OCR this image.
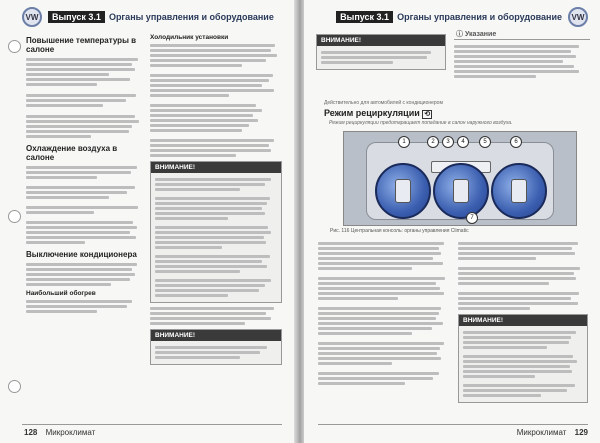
VW	Выпуск 3.1 Органы управления и оборудование
Повышение температуры в салоне
Охлаждение воздуха в салоне
Выключение кондиционера
Наибольший обогрев
Холодильник установки
ВНИМАНИЕ!
ВНИМАНИЕ!
128 Микроклимат
Выпуск 3.1 Органы управления и оборудование VW
ВНИМАНИЕ!
ⓘ Указание
Действительно для автомобилей с кондиционером
Режим рециркуляции ⟲
Режим рециркуляции предотвращает попадание в салон наружного воздуха.
1	2	3	4	5	6
7
Рис. 116 Центральная консоль: органы управления Climatic
ВНИМАНИЕ!
Микроклимат 129
